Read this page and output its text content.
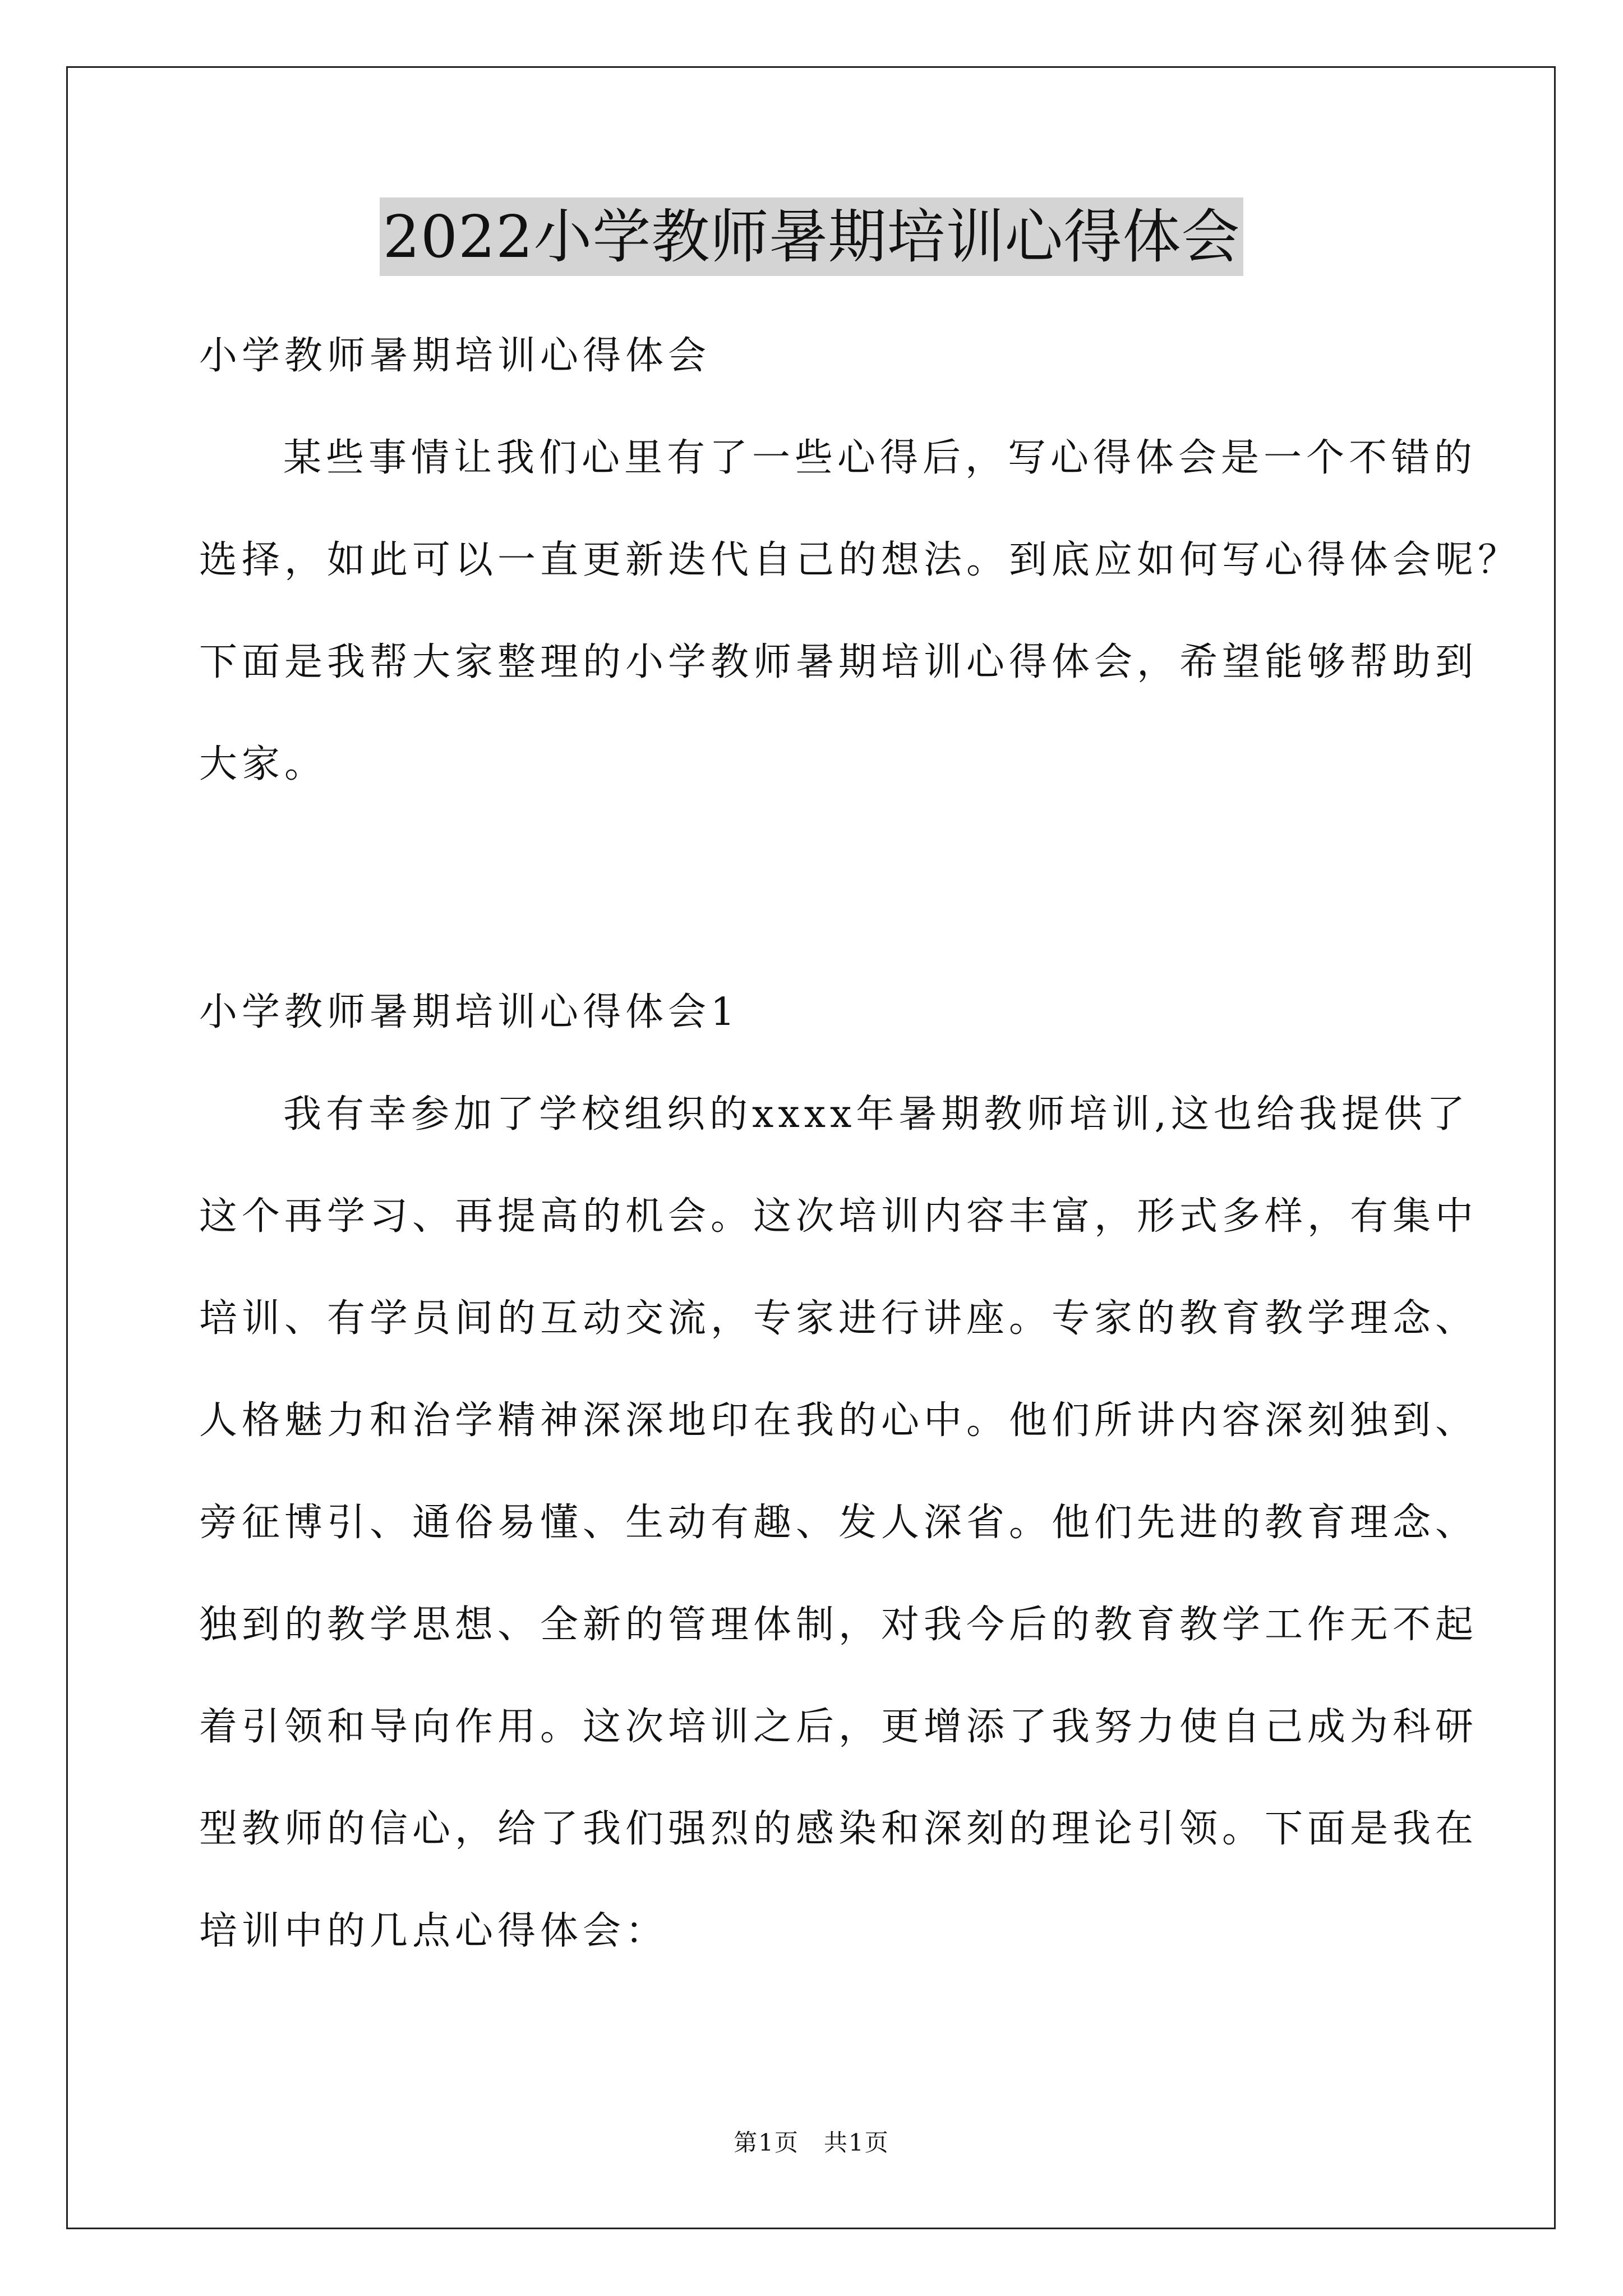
2022小学教师暑期培训心得体会
小学教师暑期培训心得体会
某些事情让我们心里有了一些心得后，写心得体会是一个不错的
选择，如此可以一直更新迭代自己的想法。到底应如何写心得体会呢？
下面是我帮大家整理的小学教师暑期培训心得体会，希望能够帮助到
大家。
小学教师暑期培训心得体会1
我有幸参加了学校组织的xxxx年暑期教师培训,这也给我提供了
这个再学习、再提高的机会。这次培训内容丰富，形式多样，有集中
培训、有学员间的互动交流，专家进行讲座。专家的教育教学理念、
人格魅力和治学精神深深地印在我的心中。他们所讲内容深刻独到、
旁征博引、通俗易懂、生动有趣、发人深省。他们先进的教育理念、
独到的教学思想、全新的管理体制，对我今后的教育教学工作无不起
着引领和导向作用。这次培训之后，更增添了我努力使自己成为科研
型教师的信心，给了我们强烈的感染和深刻的理论引领。下面是我在
培训中的几点心得体会：
第1页　共1页
